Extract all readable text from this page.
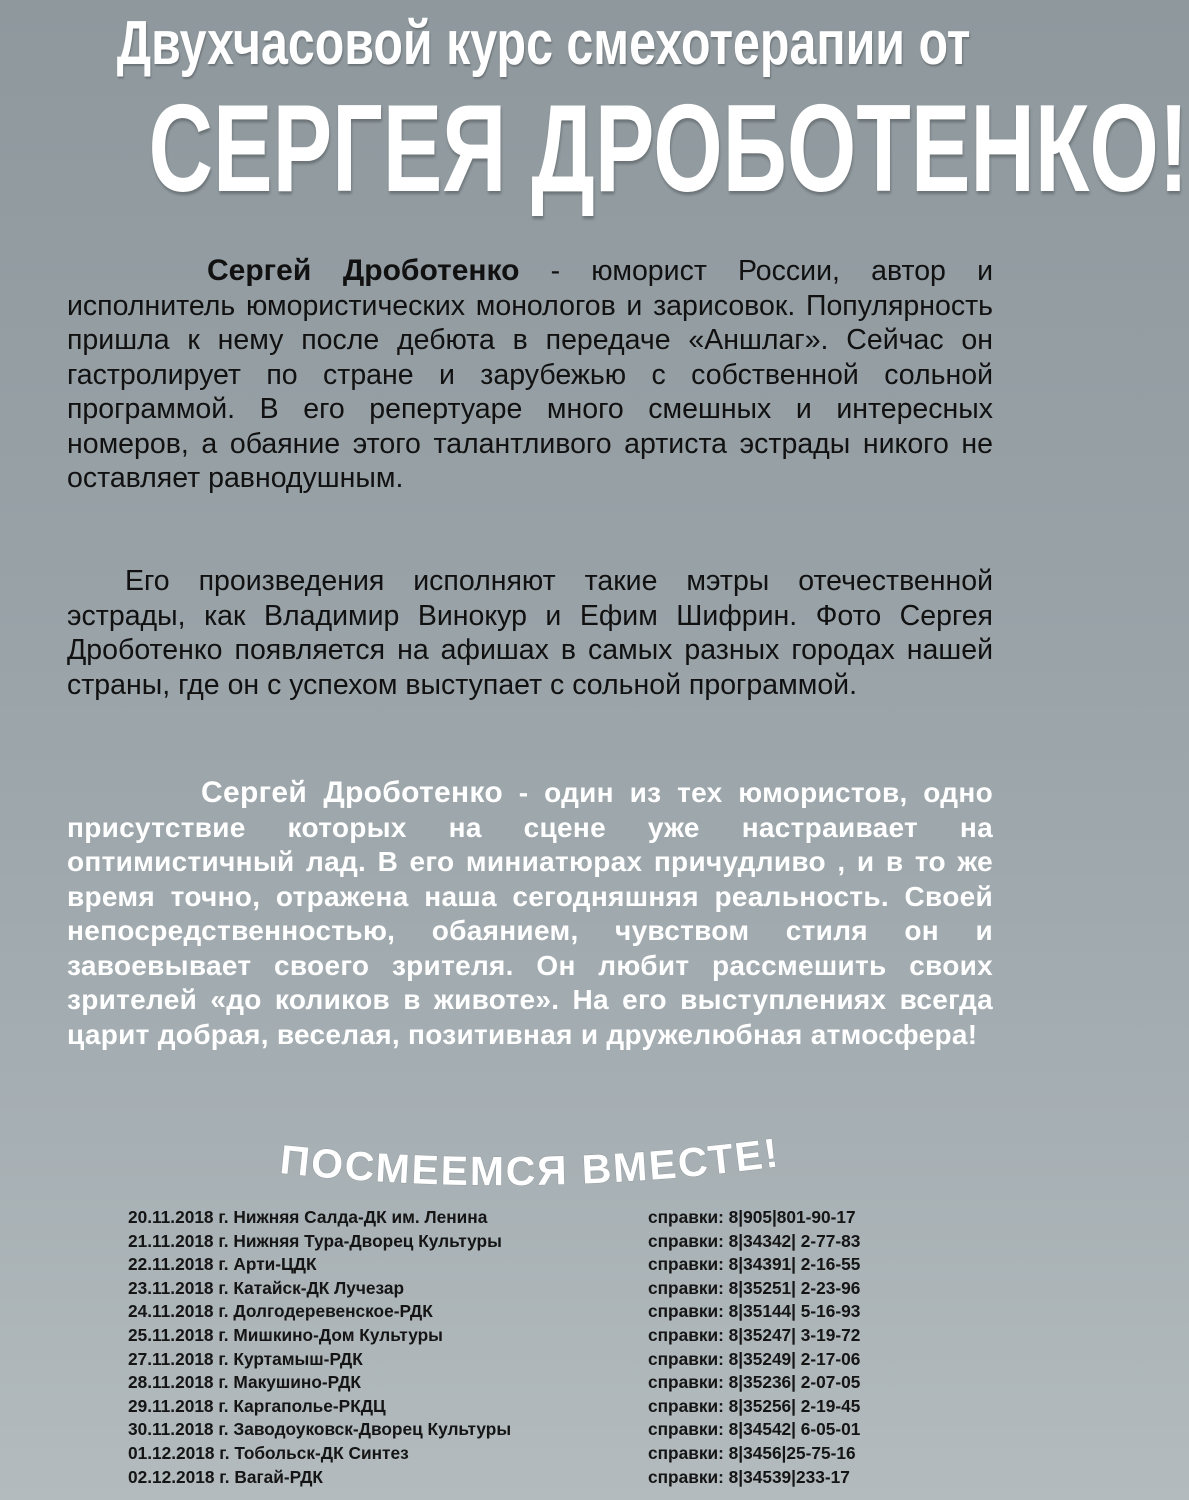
Двухчасовой курс смехотерапии от
СЕРГЕЯ ДРОБОТЕНКО!
Сергей Дроботенко - юморист России, автор и исполнитель юмористических монологов и зарисовок. Популярность пришла к нему после дебюта в передаче «Аншлаг». Сейчас он гастролирует по стране и зарубежью с собственной сольной программой. В его репертуаре много смешных и интересных номеров, а обаяние этого талантливого артиста эстрады никого не оставляет равнодушным.
Его произведения исполняют такие мэтры отечественной эстрады, как Владимир Винокур и Ефим Шифрин. Фото Сергея Дроботенко появляется на афишах в самых разных городах нашей страны, где он с успехом выступает с сольной программой.
Сергей Дроботенко - один из тех юмористов, одно присутствие которых на сцене уже настраивает на оптимистичный лад. В его миниатюрах причудливо , и в то же время точно, отражена наша сегодняшняя реальность. Своей непосредственностью, обаянием, чувством стиля он и завоевывает своего зрителя. Он любит рассмешить своих зрителей «до коликов в животе». На его выступлениях всегда царит добрая, веселая, позитивная и дружелюбная атмосфера!
ПОСМЕЕМСЯ ВМЕСТЕ!
20.11.2018 г. Нижняя Салда-ДК им. Ленина	справки: 8|905|801-90-17
21.11.2018 г. Нижняя Тура-Дворец Культуры	справки: 8|34342| 2-77-83
22.11.2018 г. Арти-ЦДК	справки: 8|34391| 2-16-55
23.11.2018 г. Катайск-ДК Лучезар	справки: 8|35251| 2-23-96
24.11.2018 г. Долгодеревенское-РДК	справки: 8|35144| 5-16-93
25.11.2018 г. Мишкино-Дом Культуры	справки: 8|35247| 3-19-72
27.11.2018 г. Куртамыш-РДК	справки: 8|35249| 2-17-06
28.11.2018 г. Макушино-РДК	справки: 8|35236| 2-07-05
29.11.2018 г. Каргаполье-РКДЦ	справки: 8|35256| 2-19-45
30.11.2018 г. Заводоуковск-Дворец Культуры	справки: 8|34542| 6-05-01
01.12.2018 г. Тобольск-ДК Синтез	справки: 8|3456|25-75-16
02.12.2018 г. Вагай-РДК	справки: 8|34539|233-17
